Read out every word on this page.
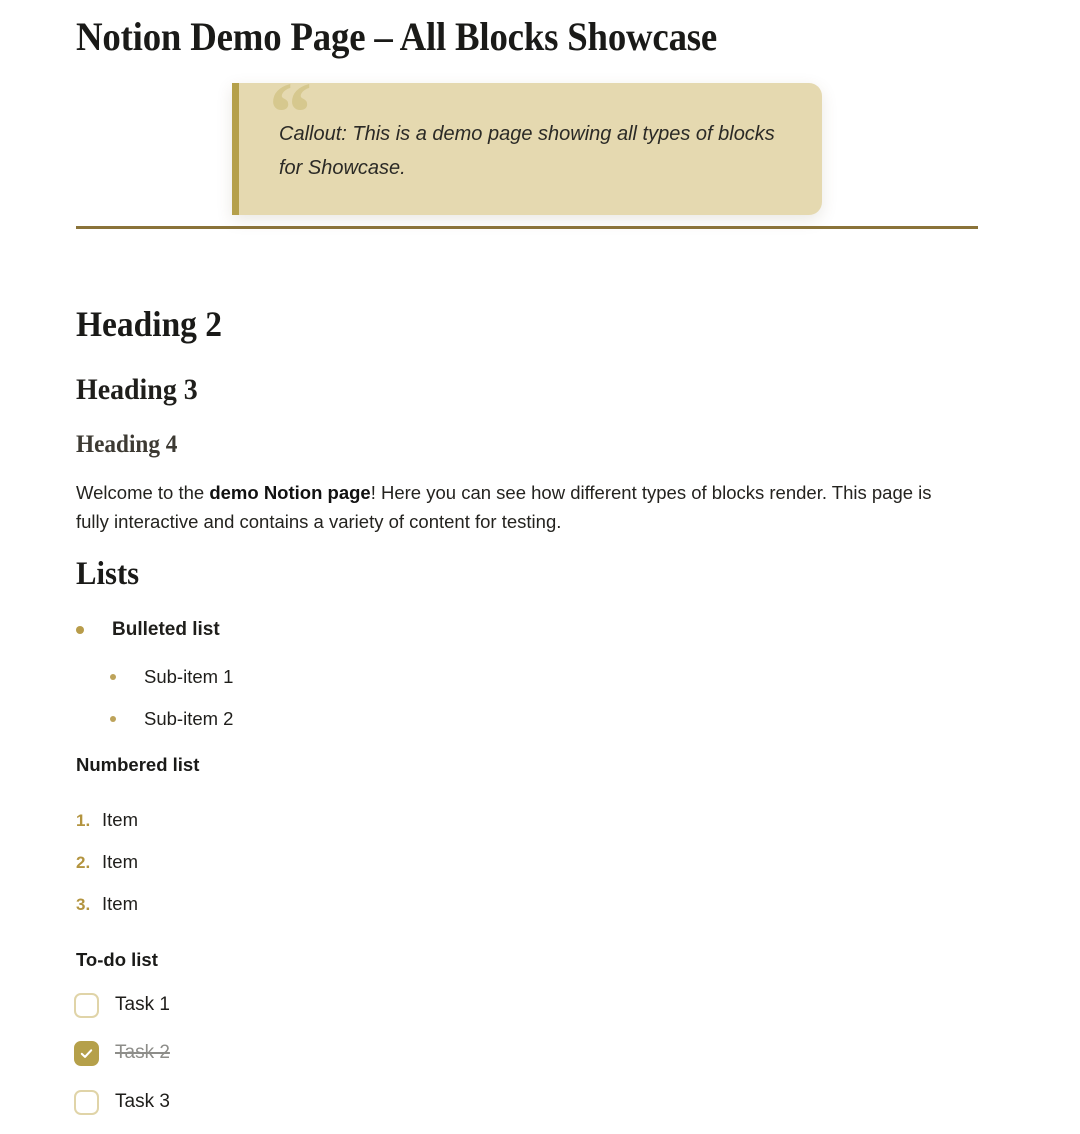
Notion Demo Page – All Blocks Showcase
“

Callout: This is a demo page showing all types of blocks for Showcase.

Heading 2
Heading 3
Heading 4

Welcome to the demo Notion page! Here you can see how different types of blocks render. This page is fully interactive and contains a variety of content for testing.

Lists
Bulleted list
Sub-item 1
Sub-item 2

Numbered list

1. Item
2. Item
3. Item

To-do list

Task 1
Task 2
Task 3
